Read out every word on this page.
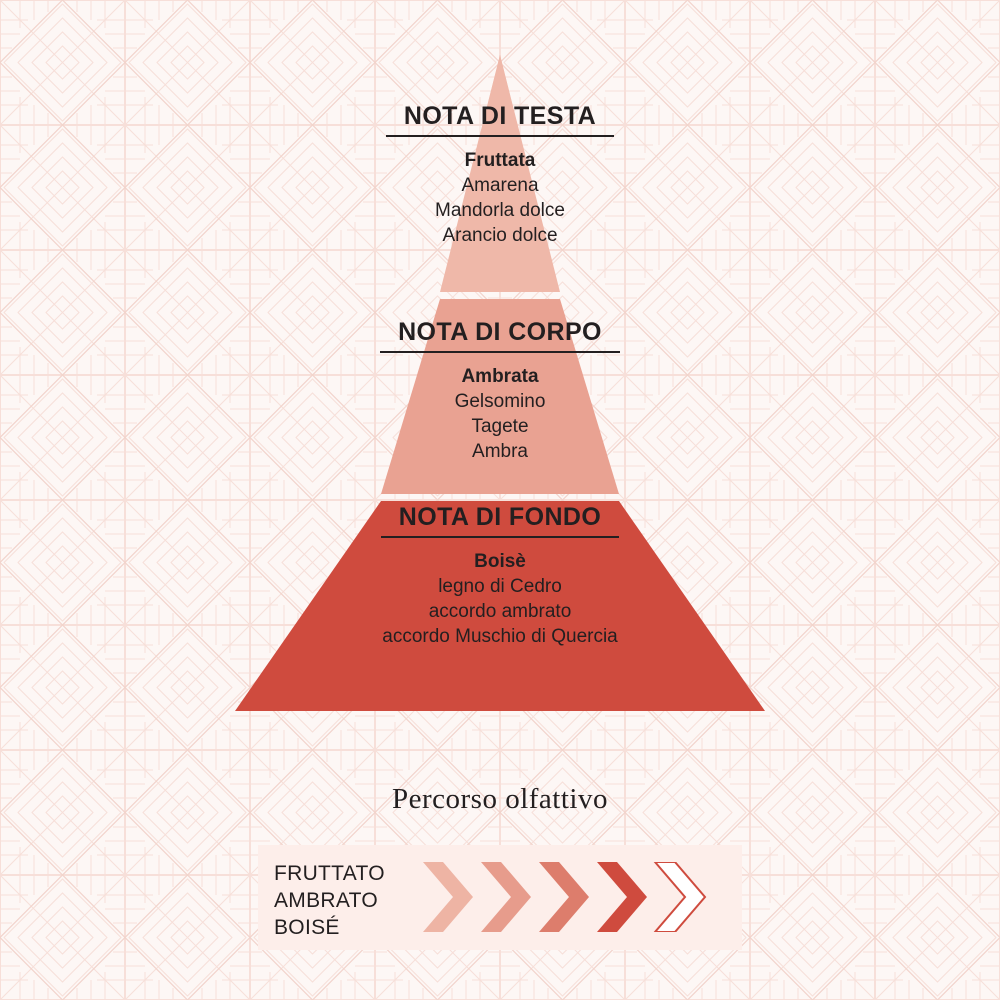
NOTA DI TESTA
Fruttata
Amarena
Mandorla dolce
Arancio dolce
NOTA DI CORPO
Ambrata
Gelsomino
Tagete
Ambra
NOTA DI FONDO
Boisè
legno di Cedro
accordo ambrato
accordo Muschio di Quercia
Percorso olfattivo
FRUTTATO
AMBRATO
BOISÉ
